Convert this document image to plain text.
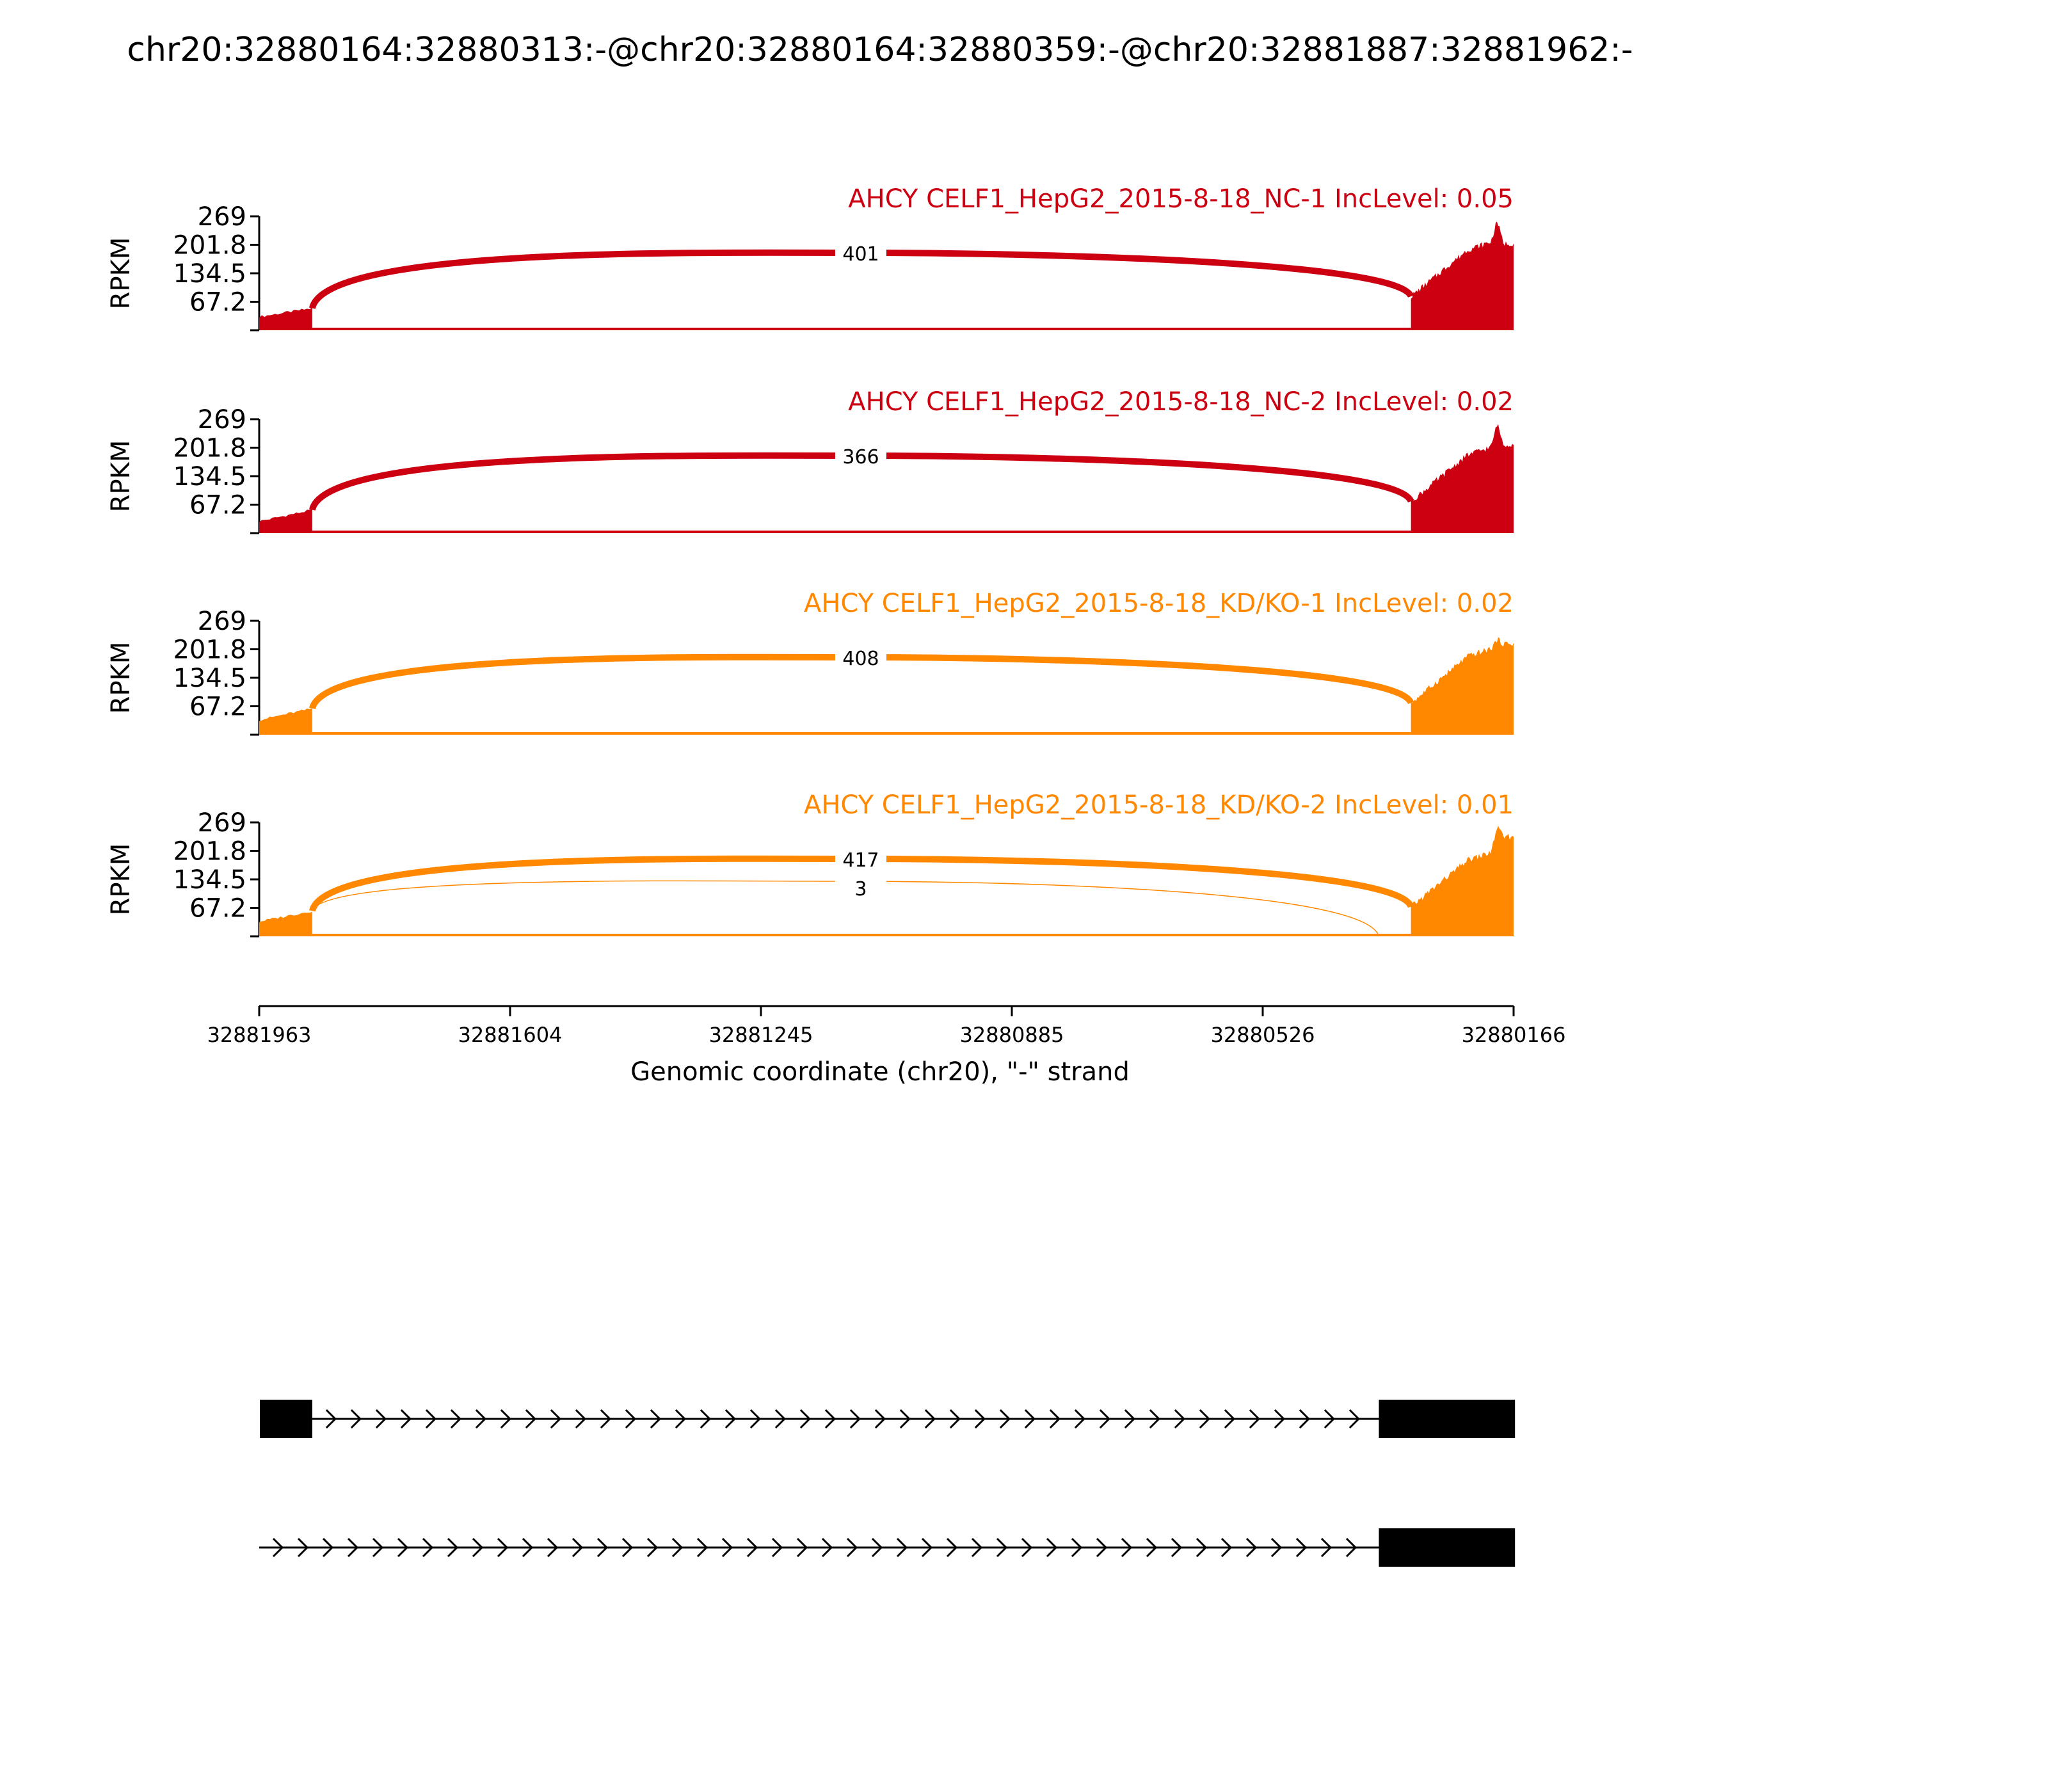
chr20:32880164:32880313:-@chr20:32880164:32880359:-@chr20:32881887:32881962:-
269
201.8
134.5
67.2
RPKM
AHCY CELF1_HepG2_2015-8-18_NC-1 IncLevel: 0.05
401
269
201.8
134.5
67.2
RPKM
AHCY CELF1_HepG2_2015-8-18_NC-2 IncLevel: 0.02
366
269
201.8
134.5
67.2
RPKM
AHCY CELF1_HepG2_2015-8-18_KD/KO-1 IncLevel: 0.02
408
269
201.8
134.5
67.2
RPKM
AHCY CELF1_HepG2_2015-8-18_KD/KO-2 IncLevel: 0.01
417
3
Genomic coordinate (chr20), "-" strand
32881963	32881604	32881245	32880885	32880526	32880166
